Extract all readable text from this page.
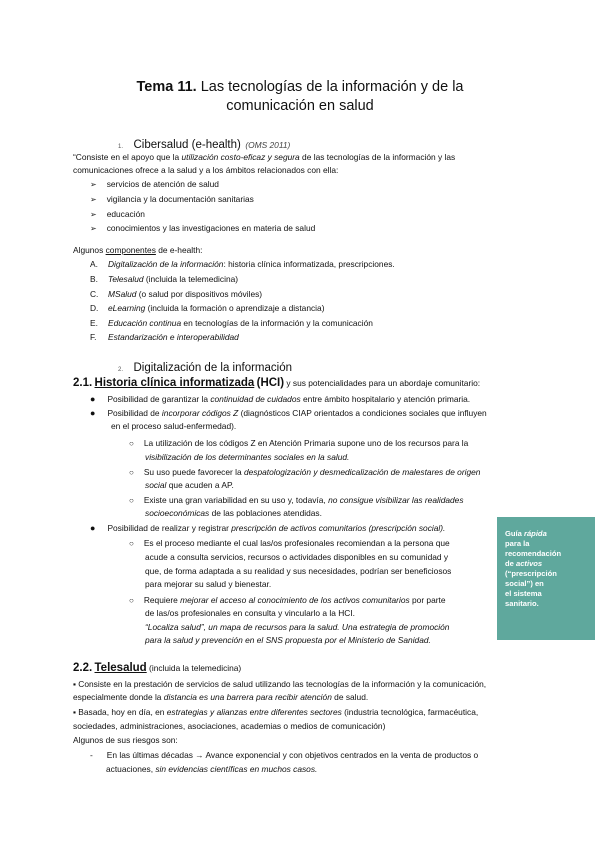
Tema 11. Las tecnologías de la información y de la
comunicación en salud
1. Cibersalud (e-health) (OMS 2011)
“Consiste en el apoyo que la utilización costo-eficaz y segura de las tecnologías de la información y las
comunicaciones ofrece a la salud y a los ámbitos relacionados con ella:
➢ servicios de atención de salud
➢ vigilancia y la documentación sanitarias
➢ educación
➢ conocimientos y las investigaciones en materia de salud
Algunos componentes de e-health:
A. Digitalización de la información: historia clínica informatizada, prescripciones.
B. Telesalud (incluida la telemedicina)
C. MSalud (o salud por dispositivos móviles)
D. eLearning (incluida la formación o aprendizaje a distancia)
E. Educación continua en tecnologías de la información y la comunicación
F. Estandarización e interoperabilidad
2. Digitalización de la información
2.1. Historia clínica informatizada (HCI) y sus potencialidades para un abordaje comunitario:
● Posibilidad de garantizar la continuidad de cuidados entre ámbito hospitalario y atención primaria.
● Posibilidad de incorporar códigos Z (diagnósticos CIAP orientados a condiciones sociales que influyen
en el proceso salud-enfermedad).
○ La utilización de los códigos Z en Atención Primaria supone uno de los recursos para la
visibilización de los determinantes sociales en la salud.
○ Su uso puede favorecer la despatologización y desmedicalización de malestares de origen
social que acuden a AP.
○ Existe una gran variabilidad en su uso y, todavía, no consigue visibilizar las realidades
socioeconómicas de las poblaciones atendidas.
● Posibilidad de realizar y registrar prescripción de activos comunitarios (prescripción social).
○ Es el proceso mediante el cual las/os profesionales recomiendan a la persona que
acude a consulta servicios, recursos o actividades disponibles en su comunidad y
que, de forma adaptada a su realidad y sus necesidades, podrían ser beneficiosos
para mejorar su salud y bienestar.
○ Requiere mejorar el acceso al conocimiento de los activos comunitarios por parte
de las/os profesionales en consulta y vincularlo a la HCI.
“Localiza salud”, un mapa de recursos para la salud. Una estrategia de promoción
para la salud y prevención en el SNS propuesta por el Ministerio de Sanidad.
Guía rápida
para la
recomendación
de activos
(“prescripción
social”) en
el sistema
sanitario.
2.2. Telesalud (incluida la telemedicina)
▪ Consiste en la prestación de servicios de salud utilizando las tecnologías de la información y la comunicación,
especialmente donde la distancia es una barrera para recibir atención de salud.
▪ Basada, hoy en día, en estrategias y alianzas entre diferentes sectores (industria tecnológica, farmacéutica,
sociedades, administraciones, asociaciones, academias o medios de comunicación)
Algunos de sus riesgos son:
- En las últimas décadas → Avance exponencial y con objetivos centrados en la venta de productos o
actuaciones, sin evidencias científicas en muchos casos.
